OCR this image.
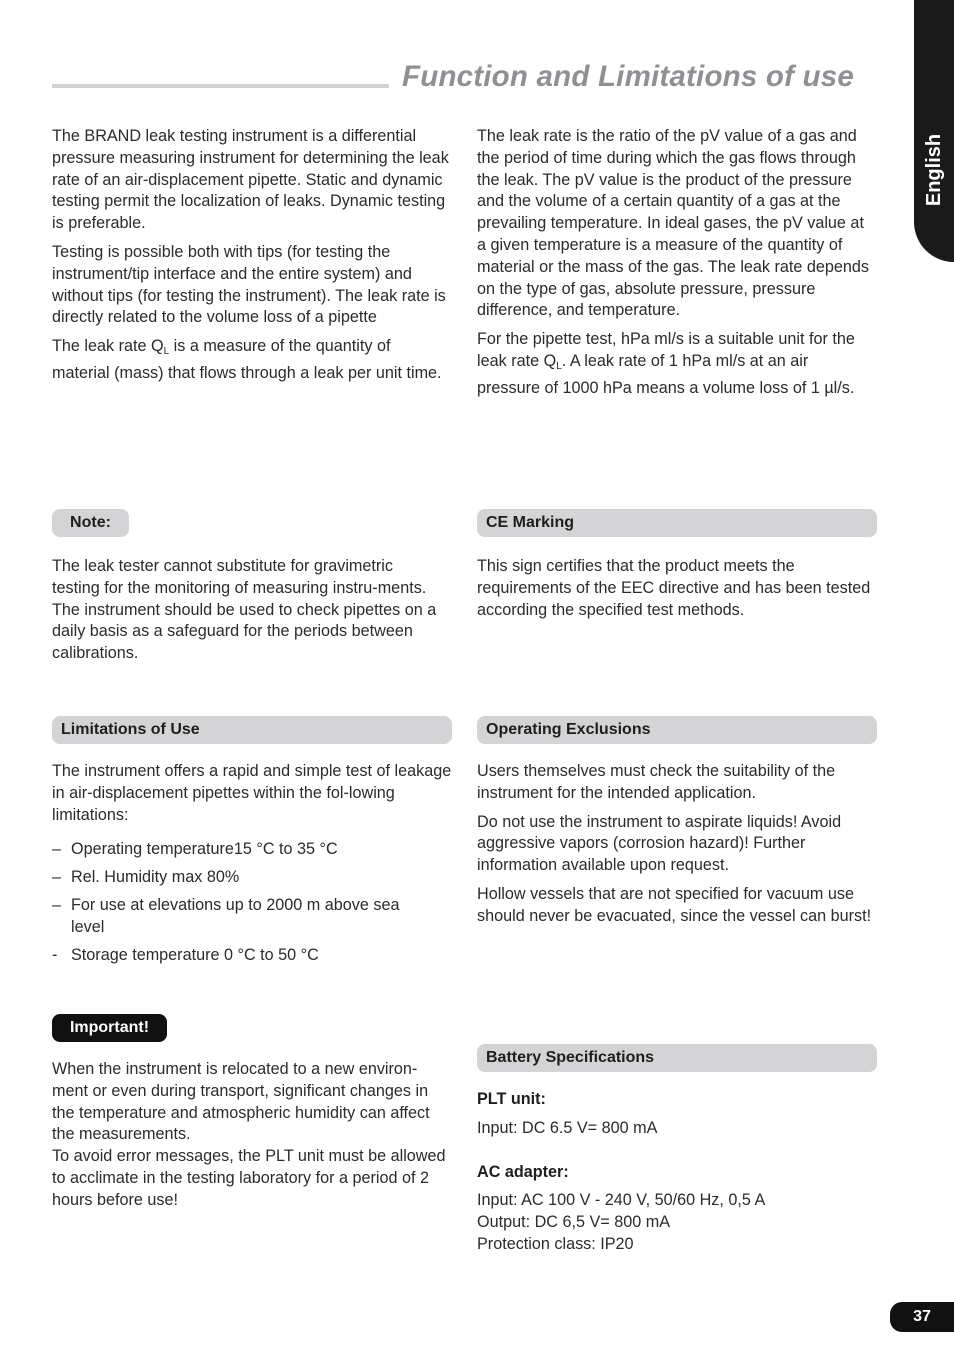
Function and Limitations of use
English

The BRAND leak testing instrument is a differential pressure measuring instrument for determining the leak rate of an air-displacement pipette. Static and dynamic testing permit the localization of leaks. Dynamic testing is preferable.

Testing is possible both with tips (for testing the instrument/tip interface and the entire system) and without tips (for testing the instrument). The leak rate is directly related to the volume loss of a pipette

The leak rate $Q_L$ is a measure of the quantity of material (mass) that flows through a leak per unit time.

The leak rate is the ratio of the pV value of a gas and the period of time during which the gas flows through the leak. The pV value is the product of the pressure and the volume of a certain quantity of a gas at the prevailing temperature. In ideal gases, the pV value at a given temperature is a measure of the quantity of material or the mass of the gas. The leak rate depends on the type of gas, absolute pressure, pressure difference, and temperature.

For the pipette test, hPa ml/s is a suitable unit for the leak rate $Q_L$. A leak rate of 1 hPa ml/s at an air pressure of 1000 hPa means a volume loss of 1 µl/s.

Note:

The leak tester cannot substitute for gravimetric testing for the monitoring of measuring instru-ments. The instrument should be used to check pipettes on a daily basis as a safeguard for the periods between calibrations.

CE Marking

This sign certifies that the product meets the requirements of the EEC directive and has been tested according the specified test methods.

Limitations of Use

The instrument offers a rapid and simple test of leakage in air-displacement pipettes within the fol-lowing limitations:

– Operating temperature15 °C to 35 °C
– Rel. Humidity max 80%
– For use at elevations up to 2000 m above sea level
- Storage temperature 0 °C to 50 °C
Operating Exclusions

Users themselves must check the suitability of the instrument for the intended application.

Do not use the instrument to aspirate liquids! Avoid aggressive vapors (corrosion hazard)! Further information available upon request.

Hollow vessels that are not specified for vacuum use should never be evacuated, since the vessel can burst!

Important!

When the instrument is relocated to a new environ-ment or even during transport, significant changes in the temperature and atmospheric humidity can affect the measurements.

To avoid error messages, the PLT unit must be allowed to acclimate in the testing laboratory for a period of 2 hours before use!

Battery Specifications

PLT unit:

Input: DC 6.5 V= 800 mA

AC adapter:

Input: AC 100 V - 240 V, 50/60 Hz, 0,5 A

Output: DC 6,5 V= 800 mA

Protection class: IP20

37
